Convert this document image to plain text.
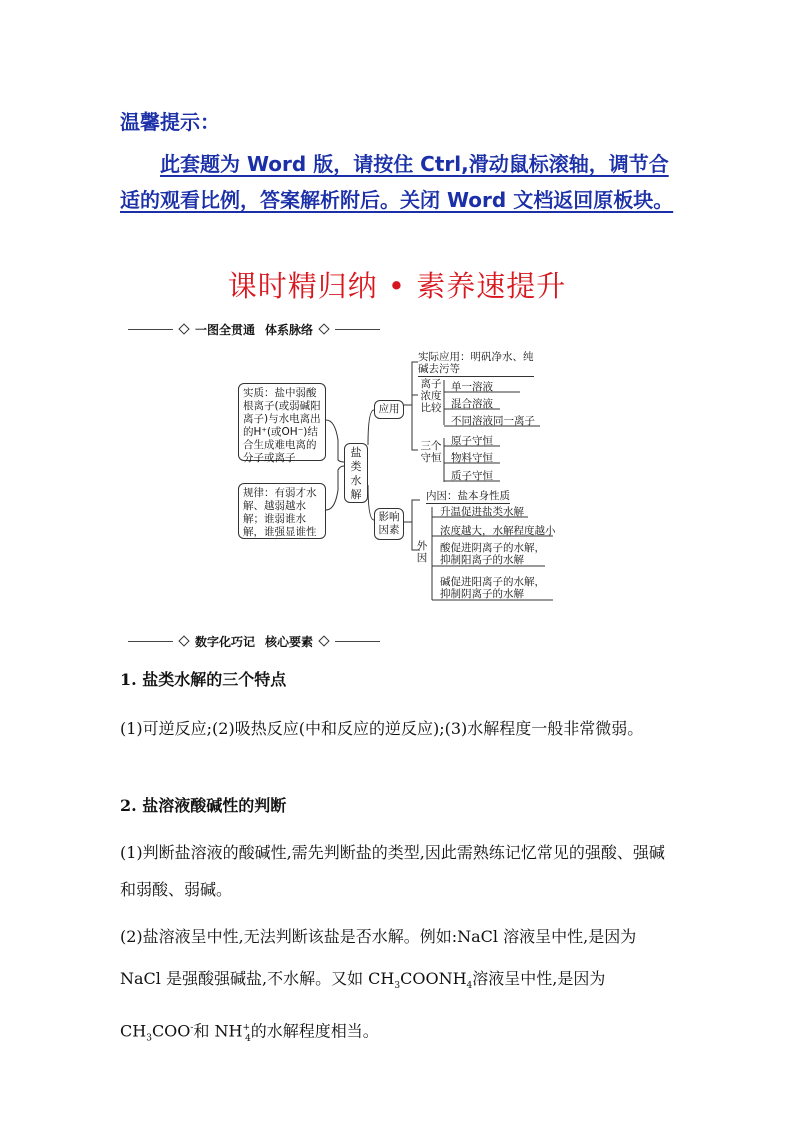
温馨提示：
此套题为 Word 版，请按住 Ctrl,滑动鼠标滚轴，调节合适的观看比例，答案解析附后。关闭 Word 文档返回原板块。
课时精归纳 • 素养速提升
一图全贯通 体系脉络
实质：盐中弱酸根离子(或弱碱阳离子)与水电离出的H⁺(或OH⁻)结合生成难电离的分子或离子
规律：有弱才水解、越弱越水解；谁弱谁水解，谁强显谁性
盐类水解
应用
影响因素
实际应用：明矾净水、纯碱去污等
离子浓度比较
三个守恒
单一溶液
混合溶液
不同溶液同一离子
原子守恒
物料守恒
质子守恒
内因：盐本身性质
外因
升温促进盐类水解
浓度越大，水解程度越小
酸促进阴离子的水解，抑制阳离子的水解
碱促进阳离子的水解，抑制阴离子的水解
数字化巧记 核心要素
1. 盐类水解的三个特点
(1)可逆反应;(2)吸热反应(中和反应的逆反应);(3)水解程度一般非常微弱。
2. 盐溶液酸碱性的判断
(1)判断盐溶液的酸碱性,需先判断盐的类型,因此需熟练记忆常见的强酸、强碱和弱酸、弱碱。
(2)盐溶液呈中性,无法判断该盐是否水解。例如:NaCl 溶液呈中性,是因为 NaCl 是强酸强碱盐,不水解。又如 $CH_3COONH_4$溶液呈中性,是因为 $CH_3COO^-$和 $NH^+_4$的水解程度相当。
